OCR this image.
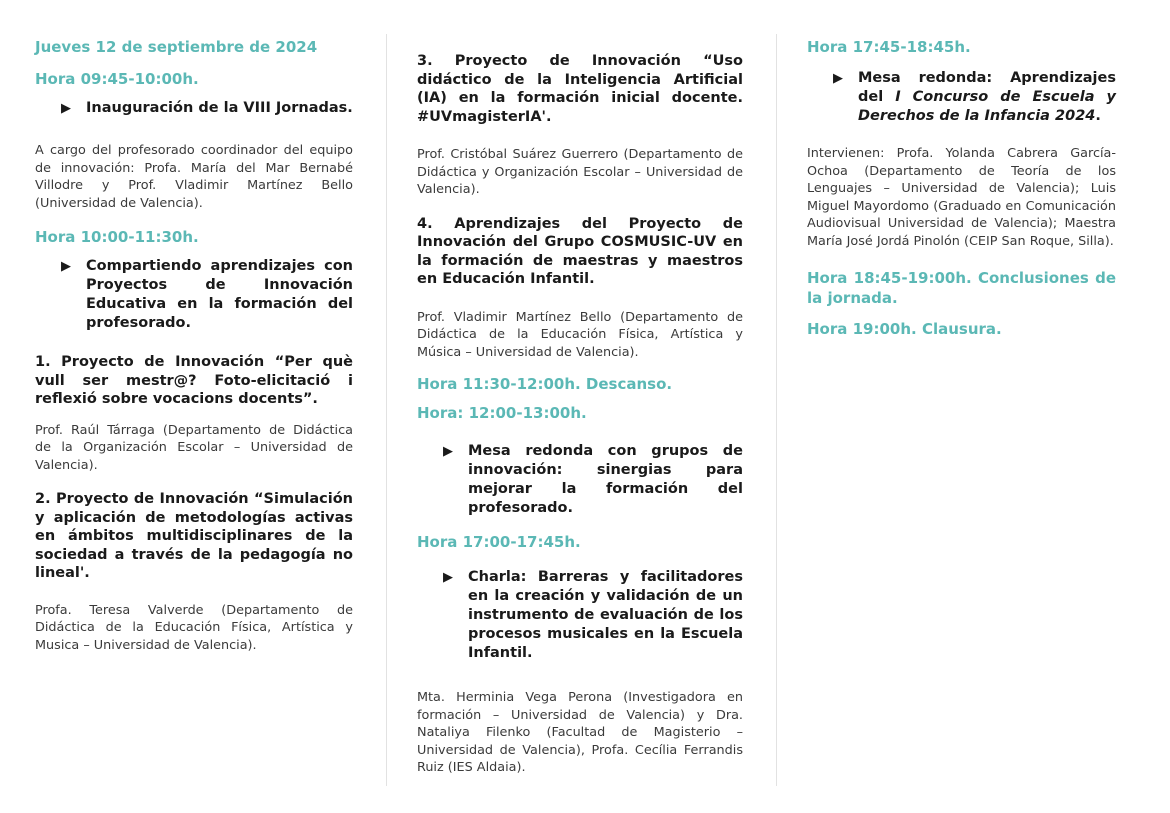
Jueves 12 de septiembre de 2024
Hora 09:45-10:00h.
▶	Inauguración de la VIII Jornadas.
A cargo del profesorado coordinador del equipo de innovación: Profa. María del Mar Bernabé Villodre y Prof. Vladimir Martínez Bello (Universidad de Valencia).
Hora 10:00-11:30h.
▶	Compartiendo aprendizajes con Proyectos de Innovación Educativa en la formación del profesorado.
1. Proyecto de Innovación “Per què vull ser mestr@? Foto-elicitació i reflexió sobre vocacions docents”.
Prof. Raúl Tárraga (Departamento de Didáctica de la Organización Escolar – Universidad de Valencia).
2. Proyecto de Innovación “Simulación y aplicación de metodologías activas en ámbitos multidisciplinares de la sociedad a través de la pedagogía no lineal'.
Profa. Teresa Valverde (Departamento de Didáctica de la Educación Física, Artística y Musica – Universidad de Valencia).
3. Proyecto de Innovación “Uso didáctico de la Inteligencia Artificial (IA) en la formación inicial docente. #UVmagisterIA'.
Prof. Cristóbal Suárez Guerrero (Departamento de Didáctica y Organización Escolar – Universidad de Valencia).
4. Aprendizajes del Proyecto de Innovación del Grupo COSMUSIC-UV en la formación de maestras y maestros en Educación Infantil.
Prof. Vladimir Martínez Bello (Departamento de Didáctica de la Educación Física, Artística y Música – Universidad de Valencia).
Hora 11:30-12:00h. Descanso.
Hora: 12:00-13:00h.
▶	Mesa redonda con grupos de innovación: sinergias para mejorar la formación del profesorado.
Hora 17:00-17:45h.
▶	Charla: Barreras y facilitadores en la creación y validación de un instrumento de evaluación de los procesos musicales en la Escuela Infantil.
Mta. Herminia Vega Perona (Investigadora en formación – Universidad de Valencia) y Dra. Nataliya Filenko (Facultad de Magisterio – Universidad de Valencia), Profa. Cecília Ferrandis Ruiz (IES Aldaia).
Hora 17:45-18:45h.
▶	Mesa redonda: Aprendizajes del I Concurso de Escuela y Derechos de la Infancia 2024.
Intervienen: Profa. Yolanda Cabrera García-Ochoa (Departamento de Teoría de los Lenguajes – Universidad de Valencia); Luis Miguel Mayordomo (Graduado en Comunicación Audiovisual Universidad de Valencia); Maestra María José Jordá Pinolón (CEIP San Roque, Silla).
Hora 18:45-19:00h. Conclusiones de la jornada.
Hora 19:00h. Clausura.
